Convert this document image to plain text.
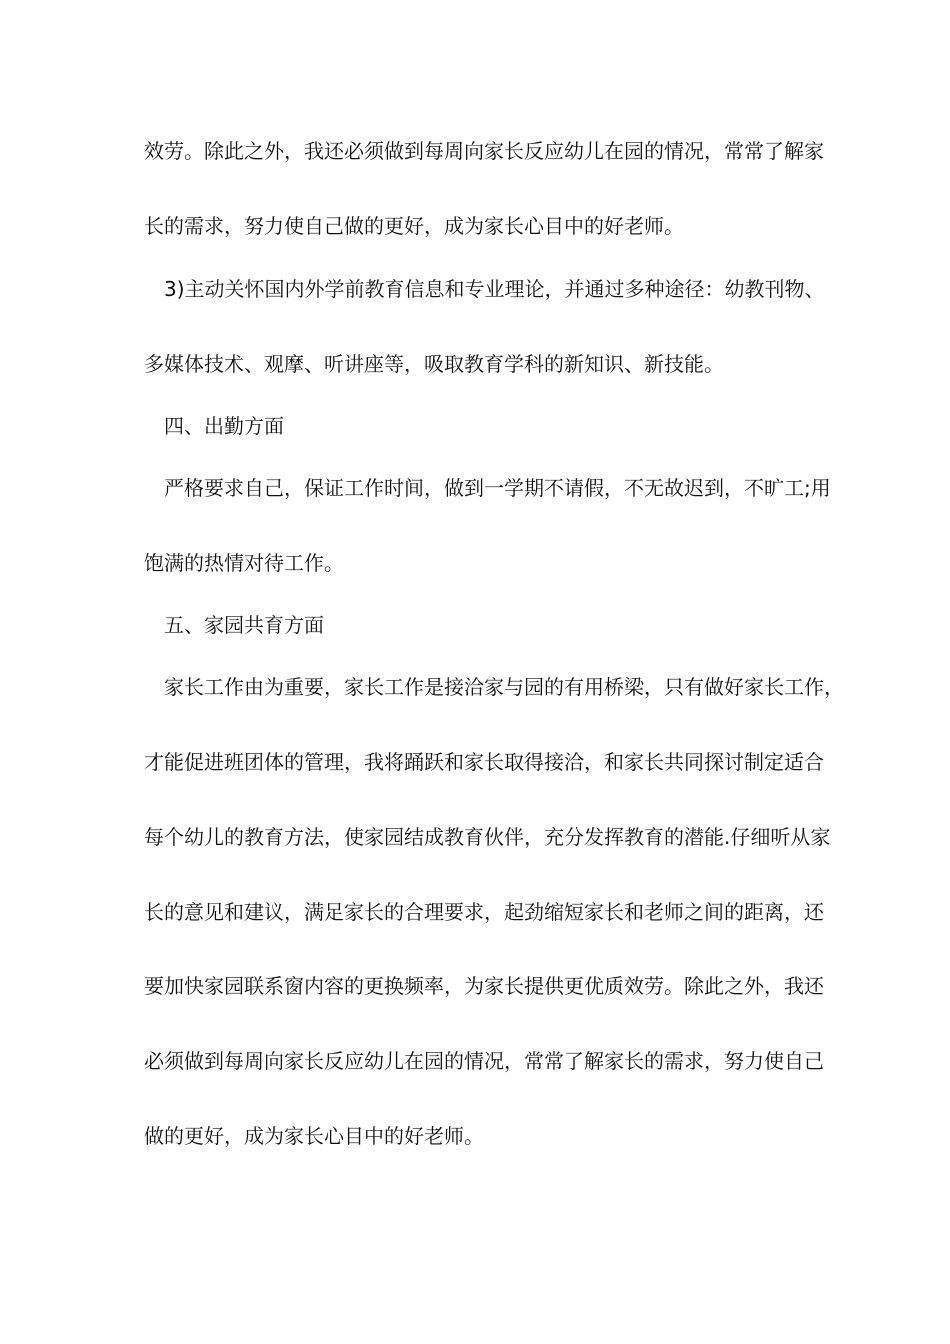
效劳。除此之外，我还必须做到每周向家长反应幼儿在园的情况，常常了解家
长的需求，努力使自己做的更好，成为家长心目中的好老师。
3)主动关怀国内外学前教育信息和专业理论，并通过多种途径：幼教刊物、
多媒体技术、观摩、听讲座等，吸取教育学科的新知识、新技能。
四、出勤方面
严格要求自己，保证工作时间，做到一学期不请假，不无故迟到，不旷工;用
饱满的热情对待工作。
五、家园共育方面
家长工作由为重要，家长工作是接洽家与园的有用桥梁，只有做好家长工作，
才能促进班团体的管理，我将踊跃和家长取得接洽，和家长共同探讨制定适合
每个幼儿的教育方法，使家园结成教育伙伴，充分发挥教育的潜能.仔细听从家
长的意见和建议，满足家长的合理要求，起劲缩短家长和老师之间的距离，还
要加快家园联系窗内容的更换频率，为家长提供更优质效劳。除此之外，我还
必须做到每周向家长反应幼儿在园的情况，常常了解家长的需求，努力使自己
做的更好，成为家长心目中的好老师。
